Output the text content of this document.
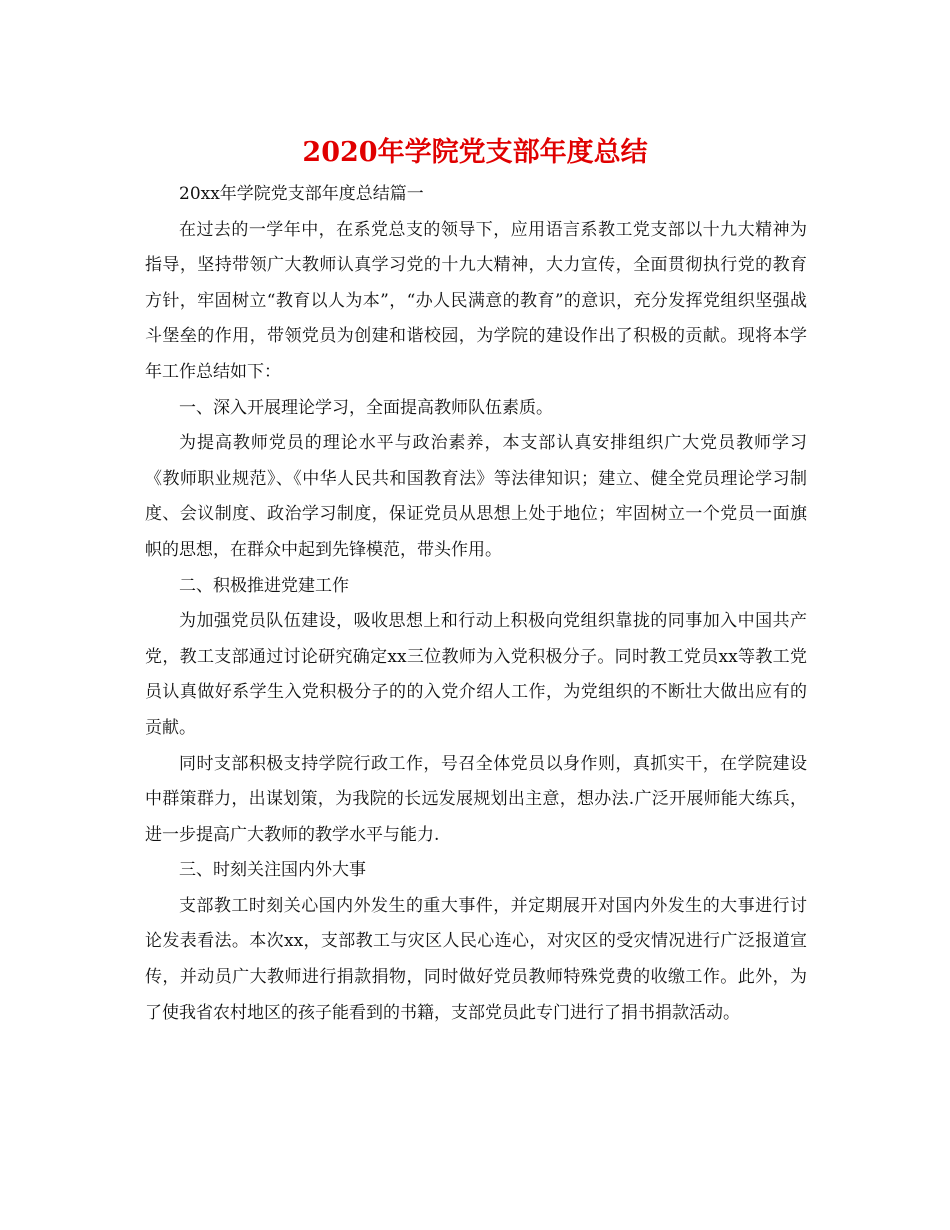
2020年学院党支部年度总结

20xx年学院党支部年度总结篇一

在过去的一学年中，在系党总支的领导下，应用语言系教工党支部以十九大精神为指导，坚持带领广大教师认真学习党的十九大精神，大力宣传，全面贯彻执行党的教育方针，牢固树立“教育以人为本”，“办人民满意的教育”的意识，充分发挥党组织坚强战斗堡垒的作用，带领党员为创建和谐校园，为学院的建设作出了积极的贡献。现将本学年工作总结如下：

一、深入开展理论学习，全面提高教师队伍素质。

为提高教师党员的理论水平与政治素养，本支部认真安排组织广大党员教师学习《教师职业规范》、《中华人民共和国教育法》等法律知识；建立、健全党员理论学习制度、会议制度、政治学习制度，保证党员从思想上处于地位；牢固树立一个党员一面旗帜的思想，在群众中起到先锋模范，带头作用。

二、积极推进党建工作

为加强党员队伍建设，吸收思想上和行动上积极向党组织靠拢的同事加入中国共产党，教工支部通过讨论研究确定xx三位教师为入党积极分子。同时教工党员xx等教工党员认真做好系学生入党积极分子的的入党介绍人工作，为党组织的不断壮大做出应有的贡献。

同时支部积极支持学院行政工作，号召全体党员以身作则，真抓实干，在学院建设中群策群力，出谋划策，为我院的长远发展规划出主意，想办法.广泛开展师能大练兵，进一步提高广大教师的教学水平与能力.

三、时刻关注国内外大事

支部教工时刻关心国内外发生的重大事件，并定期展开对国内外发生的大事进行讨论发表看法。本次xx，支部教工与灾区人民心连心，对灾区的受灾情况进行广泛报道宣传，并动员广大教师进行捐款捐物，同时做好党员教师特殊党费的收缴工作。此外，为了使我省农村地区的孩子能看到的书籍，支部党员此专门进行了捐书捐款活动。
